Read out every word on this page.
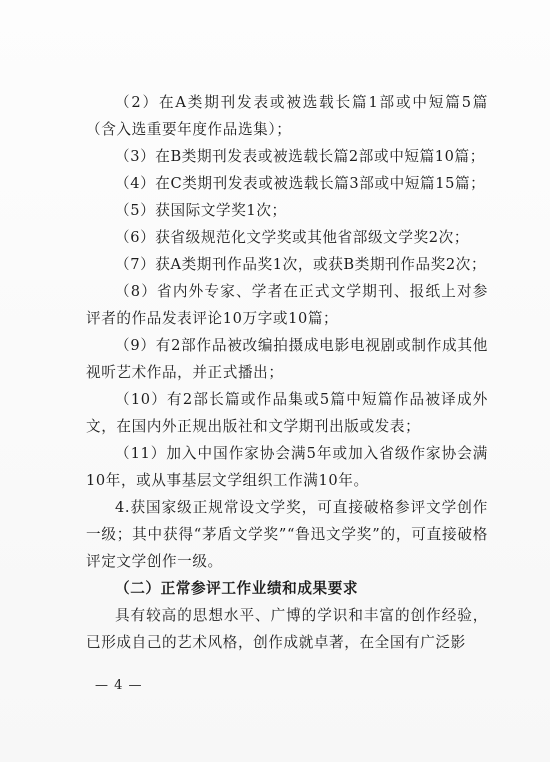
（2）在A类期刊发表或被选载长篇1部或中短篇5篇（含入选重要年度作品选集）；

（3）在B类期刊发表或被选载长篇2部或中短篇10篇；

（4）在C类期刊发表或被选载长篇3部或中短篇15篇；

（5）获国际文学奖1次；

（6）获省级规范化文学奖或其他省部级文学奖2次；

（7）获A类期刊作品奖1次，或获B类期刊作品奖2次；

（8）省内外专家、学者在正式文学期刊、报纸上对参评者的作品发表评论10万字或10篇；

（9）有2部作品被改编拍摄成电影电视剧或制作成其他视听艺术作品，并正式播出；

（10）有2部长篇或作品集或5篇中短篇作品被译成外文，在国内外正规出版社和文学期刊出版或发表；

（11）加入中国作家协会满5年或加入省级作家协会满10年，或从事基层文学组织工作满10年。

4.获国家级正规常设文学奖，可直接破格参评文学创作一级；其中获得“茅盾文学奖”“鲁迅文学奖”的，可直接破格评定文学创作一级。

（二）正常参评工作业绩和成果要求

具有较高的思想水平、广博的学识和丰富的创作经验，已形成自己的艺术风格，创作成就卓著，在全国有广泛影

— 4 —
